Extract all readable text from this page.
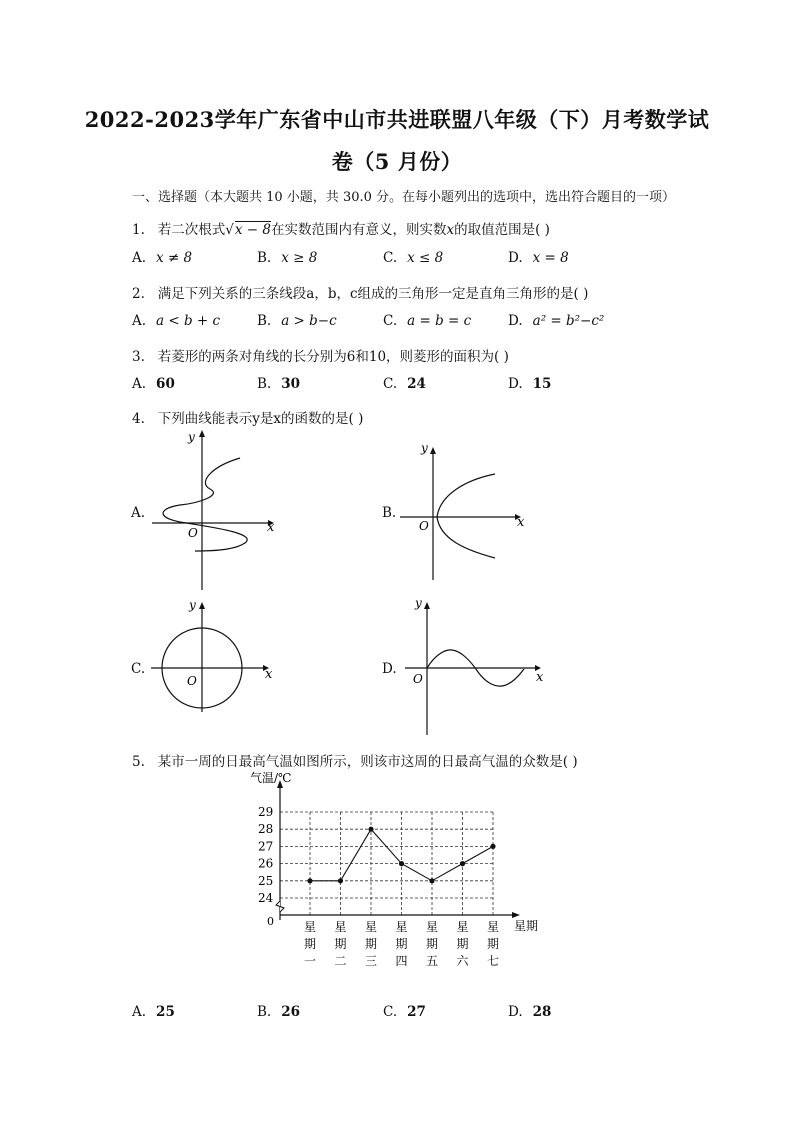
2022-2023学年广东省中山市共进联盟八年级（下）月考数学试
卷（5 月份）
一、选择题（本大题共 10 小题，共 30.0 分。在每小题列出的选项中，选出符合题目的一项）
1. 若二次根式√x − 8在实数范围内有意义，则实数x的取值范围是( )
A. x ≠ 8	B. x ≥ 8	C. x ≤ 8	D. x = 8
2. 满足下列关系的三条线段a，b，c组成的三角形一定是直角三角形的是( )
A. a < b + c	B. a > b−c	C. a = b = c	D. a² = b²−c²
3. 若菱形的两条对角线的长分别为6和10，则菱形的面积为( )
A. 60	B. 30	C. 24	D. 15
4. 下列曲线能表示y是x的函数的是( )
A.
y
x
O
B.
y
x
O
C.
y
x
O
D.
y
x
O
5. 某市一周的日最高气温如图所示，则该市这周的日最高气温的众数是( )
气温/℃
星期
0
24
25
26
27
28
29
星
期
一
星
期
二
星
期
三
星
期
四
星
期
五
星
期
六
星
期
七
A. 25	B. 26	C. 27	D. 28
